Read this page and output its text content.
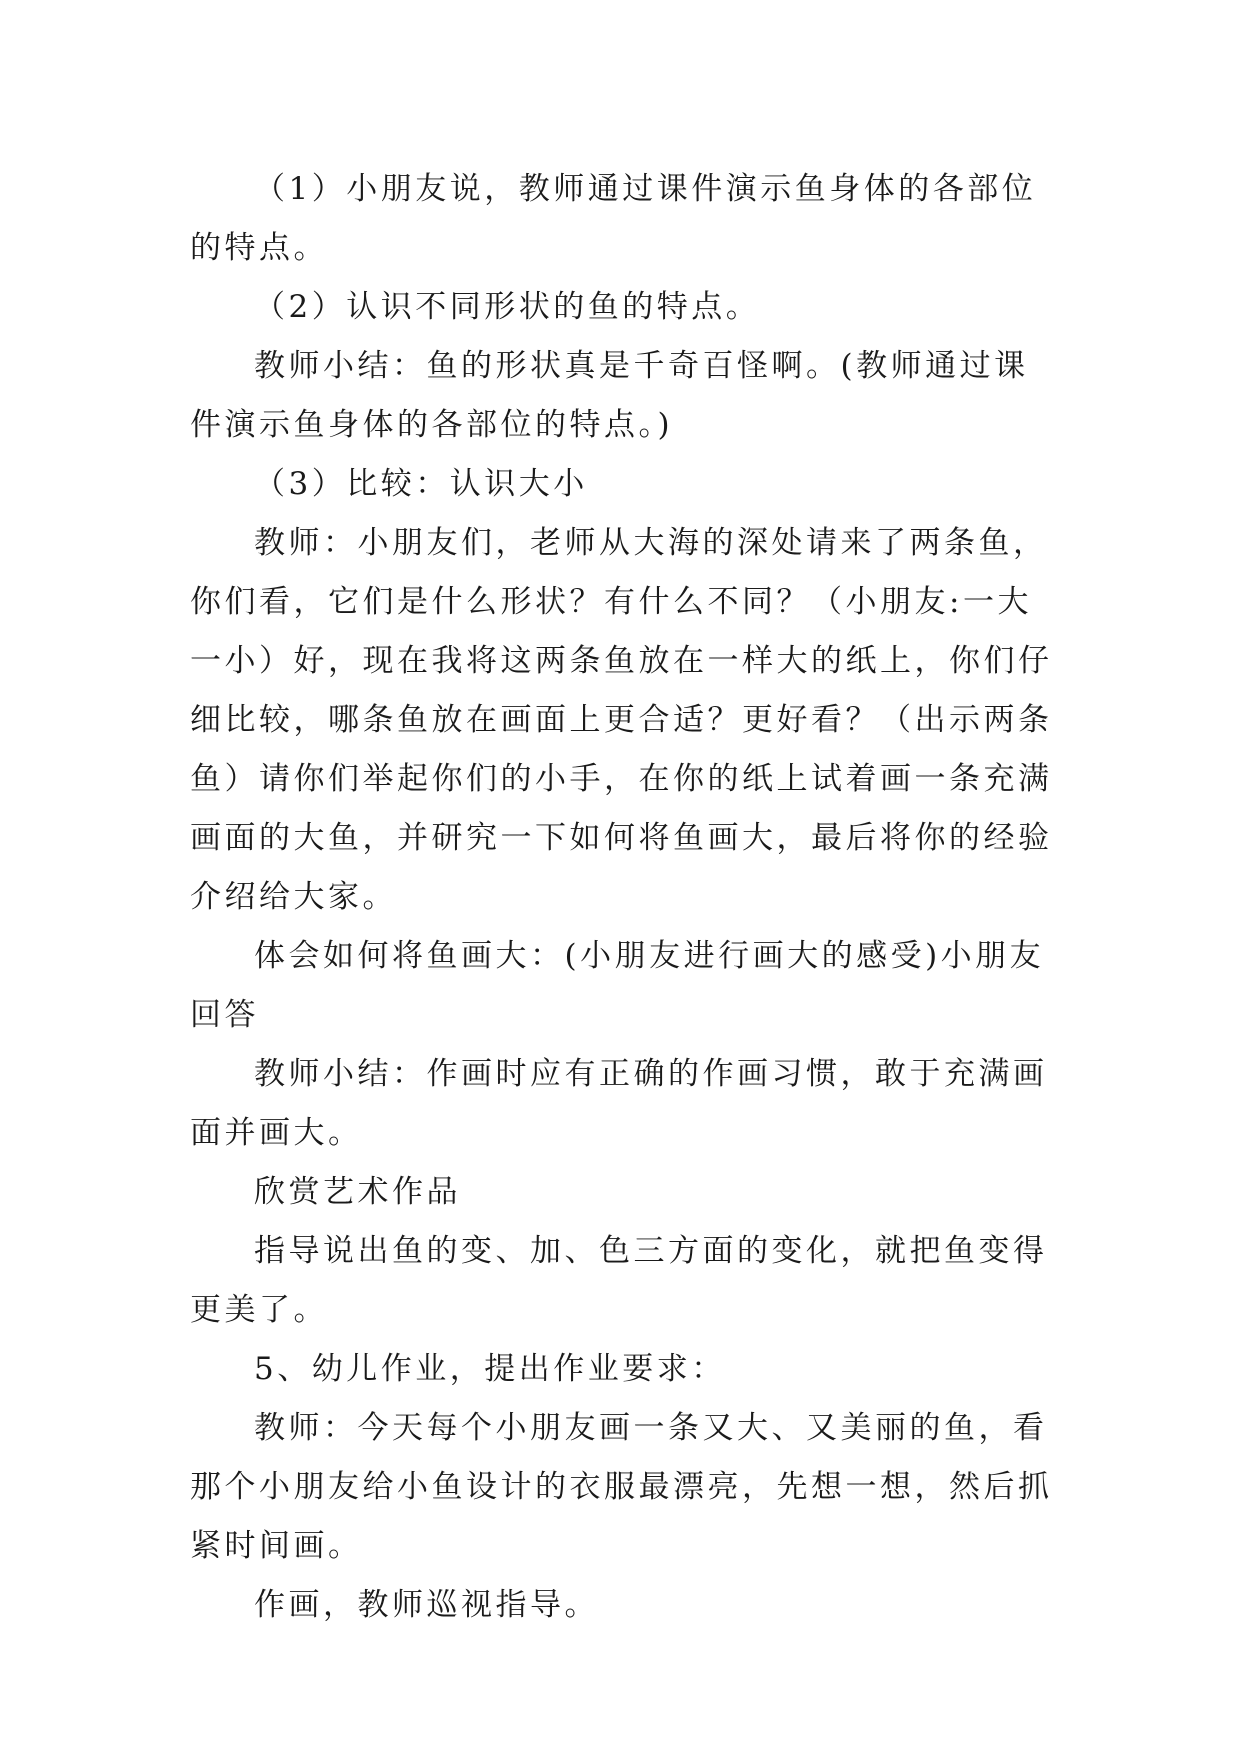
（1）小朋友说，教师通过课件演示鱼身体的各部位的特点。

（2）认识不同形状的鱼的特点。

教师小结：鱼的形状真是千奇百怪啊。(教师通过课件演示鱼身体的各部位的特点。)

（3）比较：认识大小

教师：小朋友们，老师从大海的深处请来了两条鱼，你们看，它们是什么形状？有什么不同？（小朋友:一大一小）好，现在我将这两条鱼放在一样大的纸上，你们仔细比较，哪条鱼放在画面上更合适？更好看？（出示两条鱼）请你们举起你们的小手，在你的纸上试着画一条充满画面的大鱼，并研究一下如何将鱼画大，最后将你的经验介绍给大家。

体会如何将鱼画大：(小朋友进行画大的感受)小朋友回答

教师小结：作画时应有正确的作画习惯，敢于充满画面并画大。

欣赏艺术作品

指导说出鱼的变、加、色三方面的变化，就把鱼变得更美了。

5、幼儿作业，提出作业要求：

教师：今天每个小朋友画一条又大、又美丽的鱼，看那个小朋友给小鱼设计的衣服最漂亮，先想一想，然后抓紧时间画。

作画，教师巡视指导。
